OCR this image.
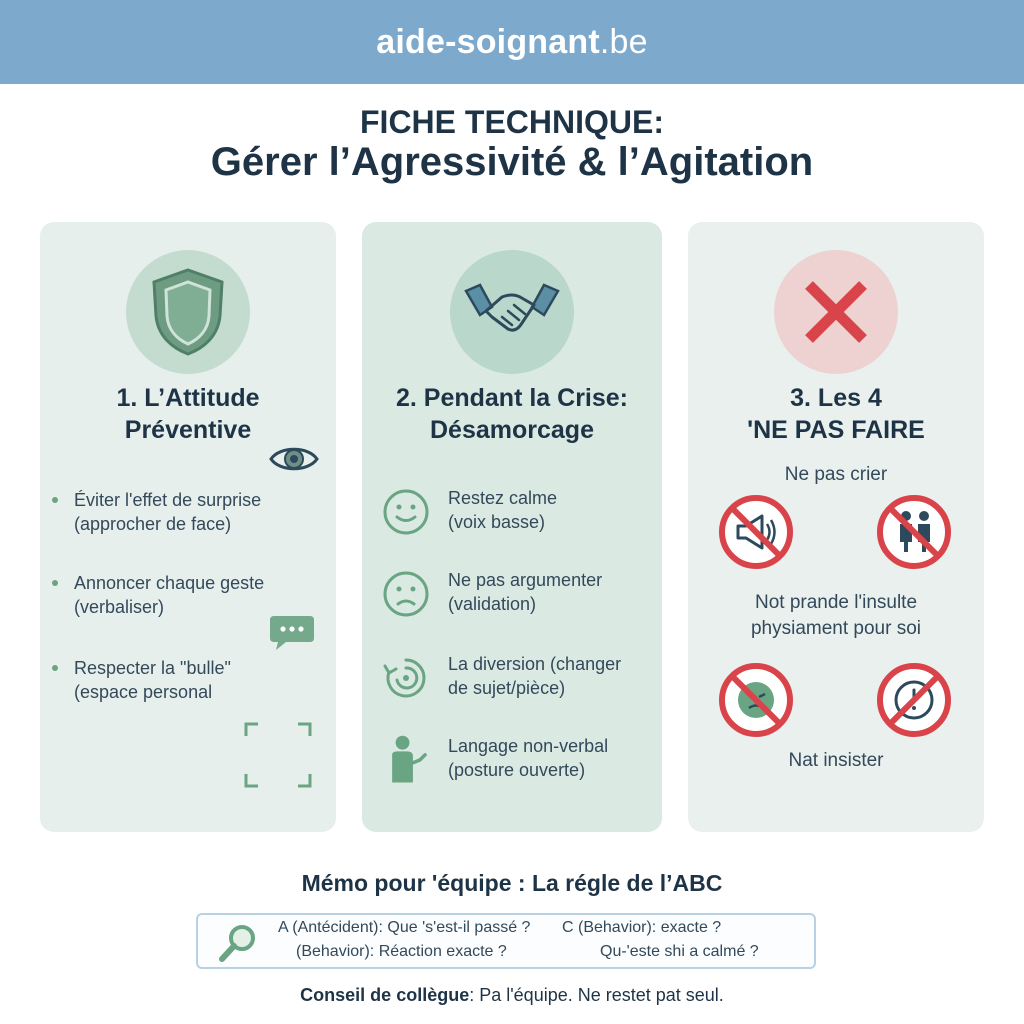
aide-soignant.be
FICHE TECHNIQUE:
Gérer l’Agressivité & l’Agitation
1. L’Attitude
Préventive
Éviter l'effet de surprise
(approcher de face)
Annoncer chaque geste
(verbaliser)
Respecter la "bulle"
(espace personal
2. Pendant la Crise:
Désamorcage
Restez calme
(voix basse)
Ne pas argumenter
(validation)
La diversion (changer
de sujet/pièce)
Langage non-verbal
(posture ouverte)
3. Les 4
'NE PAS FAIRE
Ne pas crier
Not prande l'insulte
physiament pour soi
Nat insister
Mémo pour 'équipe : La régle de l’ABC
A (Antécident): Que 's'est-il passé ? C (Behavior): exacte ?
(Behavior): Réaction exacte ?	Qu-'este shi a calmé ?
Conseil de collègue: Pa l'équipe. Ne restet pat seul.
